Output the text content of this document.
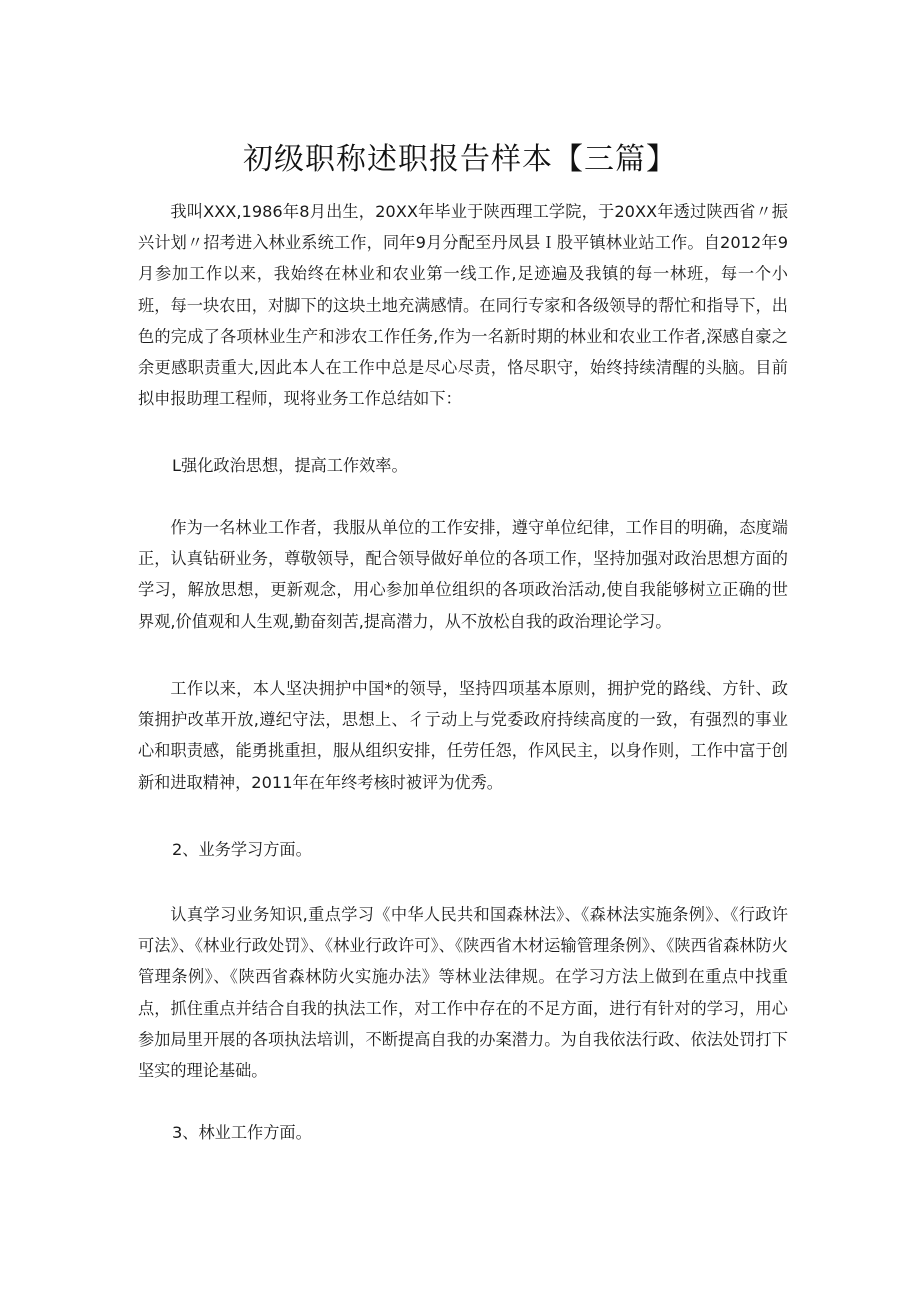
初级职称述职报告样本【三篇】

我叫XXX,1986年8月出生，20XX年毕业于陕西理工学院，于20XX年透过陕西省〃振兴计划〃招考进入林业系统工作，同年9月分配至丹凤县Ｉ股平镇林业站工作。自2012年9月参加工作以来，我始终在林业和农业第一线工作,足迹遍及我镇的每一林班，每一个小班，每一块农田，对脚下的这块土地充满感情。在同行专家和各级领导的帮忙和指导下，出色的完成了各项林业生产和涉农工作任务,作为一名新时期的林业和农业工作者,深感自豪之余更感职责重大,因此本人在工作中总是尽心尽责，恪尽职守，始终持续清醒的头脑。目前拟申报助理工程师，现将业务工作总结如下：

L强化政治思想，提高工作效率。

作为一名林业工作者，我服从单位的工作安排，遵守单位纪律，工作目的明确，态度端正，认真钻研业务，尊敬领导，配合领导做好单位的各项工作，坚持加强对政治思想方面的学习，解放思想，更新观念，用心参加单位组织的各项政治活动,使自我能够树立正确的世界观,价值观和人生观,勤奋刻苦,提高潜力，从不放松自我的政治理论学习。

工作以来，本人坚决拥护中国*的领导，坚持四项基本原则，拥护党的路线、方针、政策拥护改革开放,遵纪守法，思想上、彳亍动上与党委政府持续高度的一致，有强烈的事业心和职责感，能勇挑重担，服从组织安排，任劳任怨，作风民主，以身作则，工作中富于创新和进取精神，2011年在年终考核时被评为优秀。

2、业务学习方面。

认真学习业务知识,重点学习《中华人民共和国森林法》、《森林法实施条例》、《行政许可法》、《林业行政处罚》、《林业行政许可》、《陕西省木材运输管理条例》、《陕西省森林防火管理条例》、《陕西省森林防火实施办法》等林业法律规。在学习方法上做到在重点中找重点，抓住重点并结合自我的执法工作，对工作中存在的不足方面，进行有针对的学习，用心参加局里开展的各项执法培训，不断提高自我的办案潜力。为自我依法行政、依法处罚打下坚实的理论基础。

3、林业工作方面。
